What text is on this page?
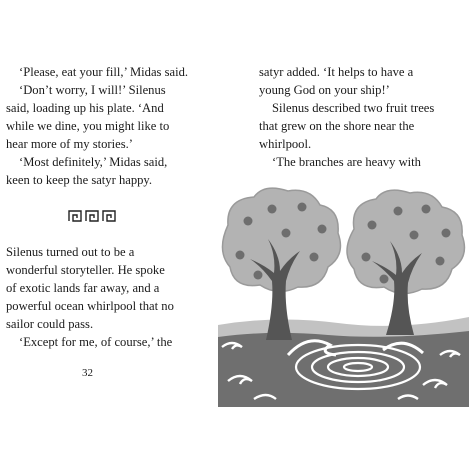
‘Please, eat your fill,’ Midas said.
‘Don’t worry, I will!’ Silenus
said, loading up his plate. ‘And
while we dine, you might like to
hear more of my stories.’
‘Most definitely,’ Midas said,
keen to keep the satyr happy.

Silenus turned out to be a
wonderful storyteller. He spoke
of exotic lands far away, and a
powerful ocean whirlpool that no
sailor could pass.
‘Except for me, of course,’ the

32

satyr added. ‘It helps to have a
young God on your ship!’
Silenus described two fruit trees
that grew on the shore near the
whirlpool.
‘The branches are heavy with
